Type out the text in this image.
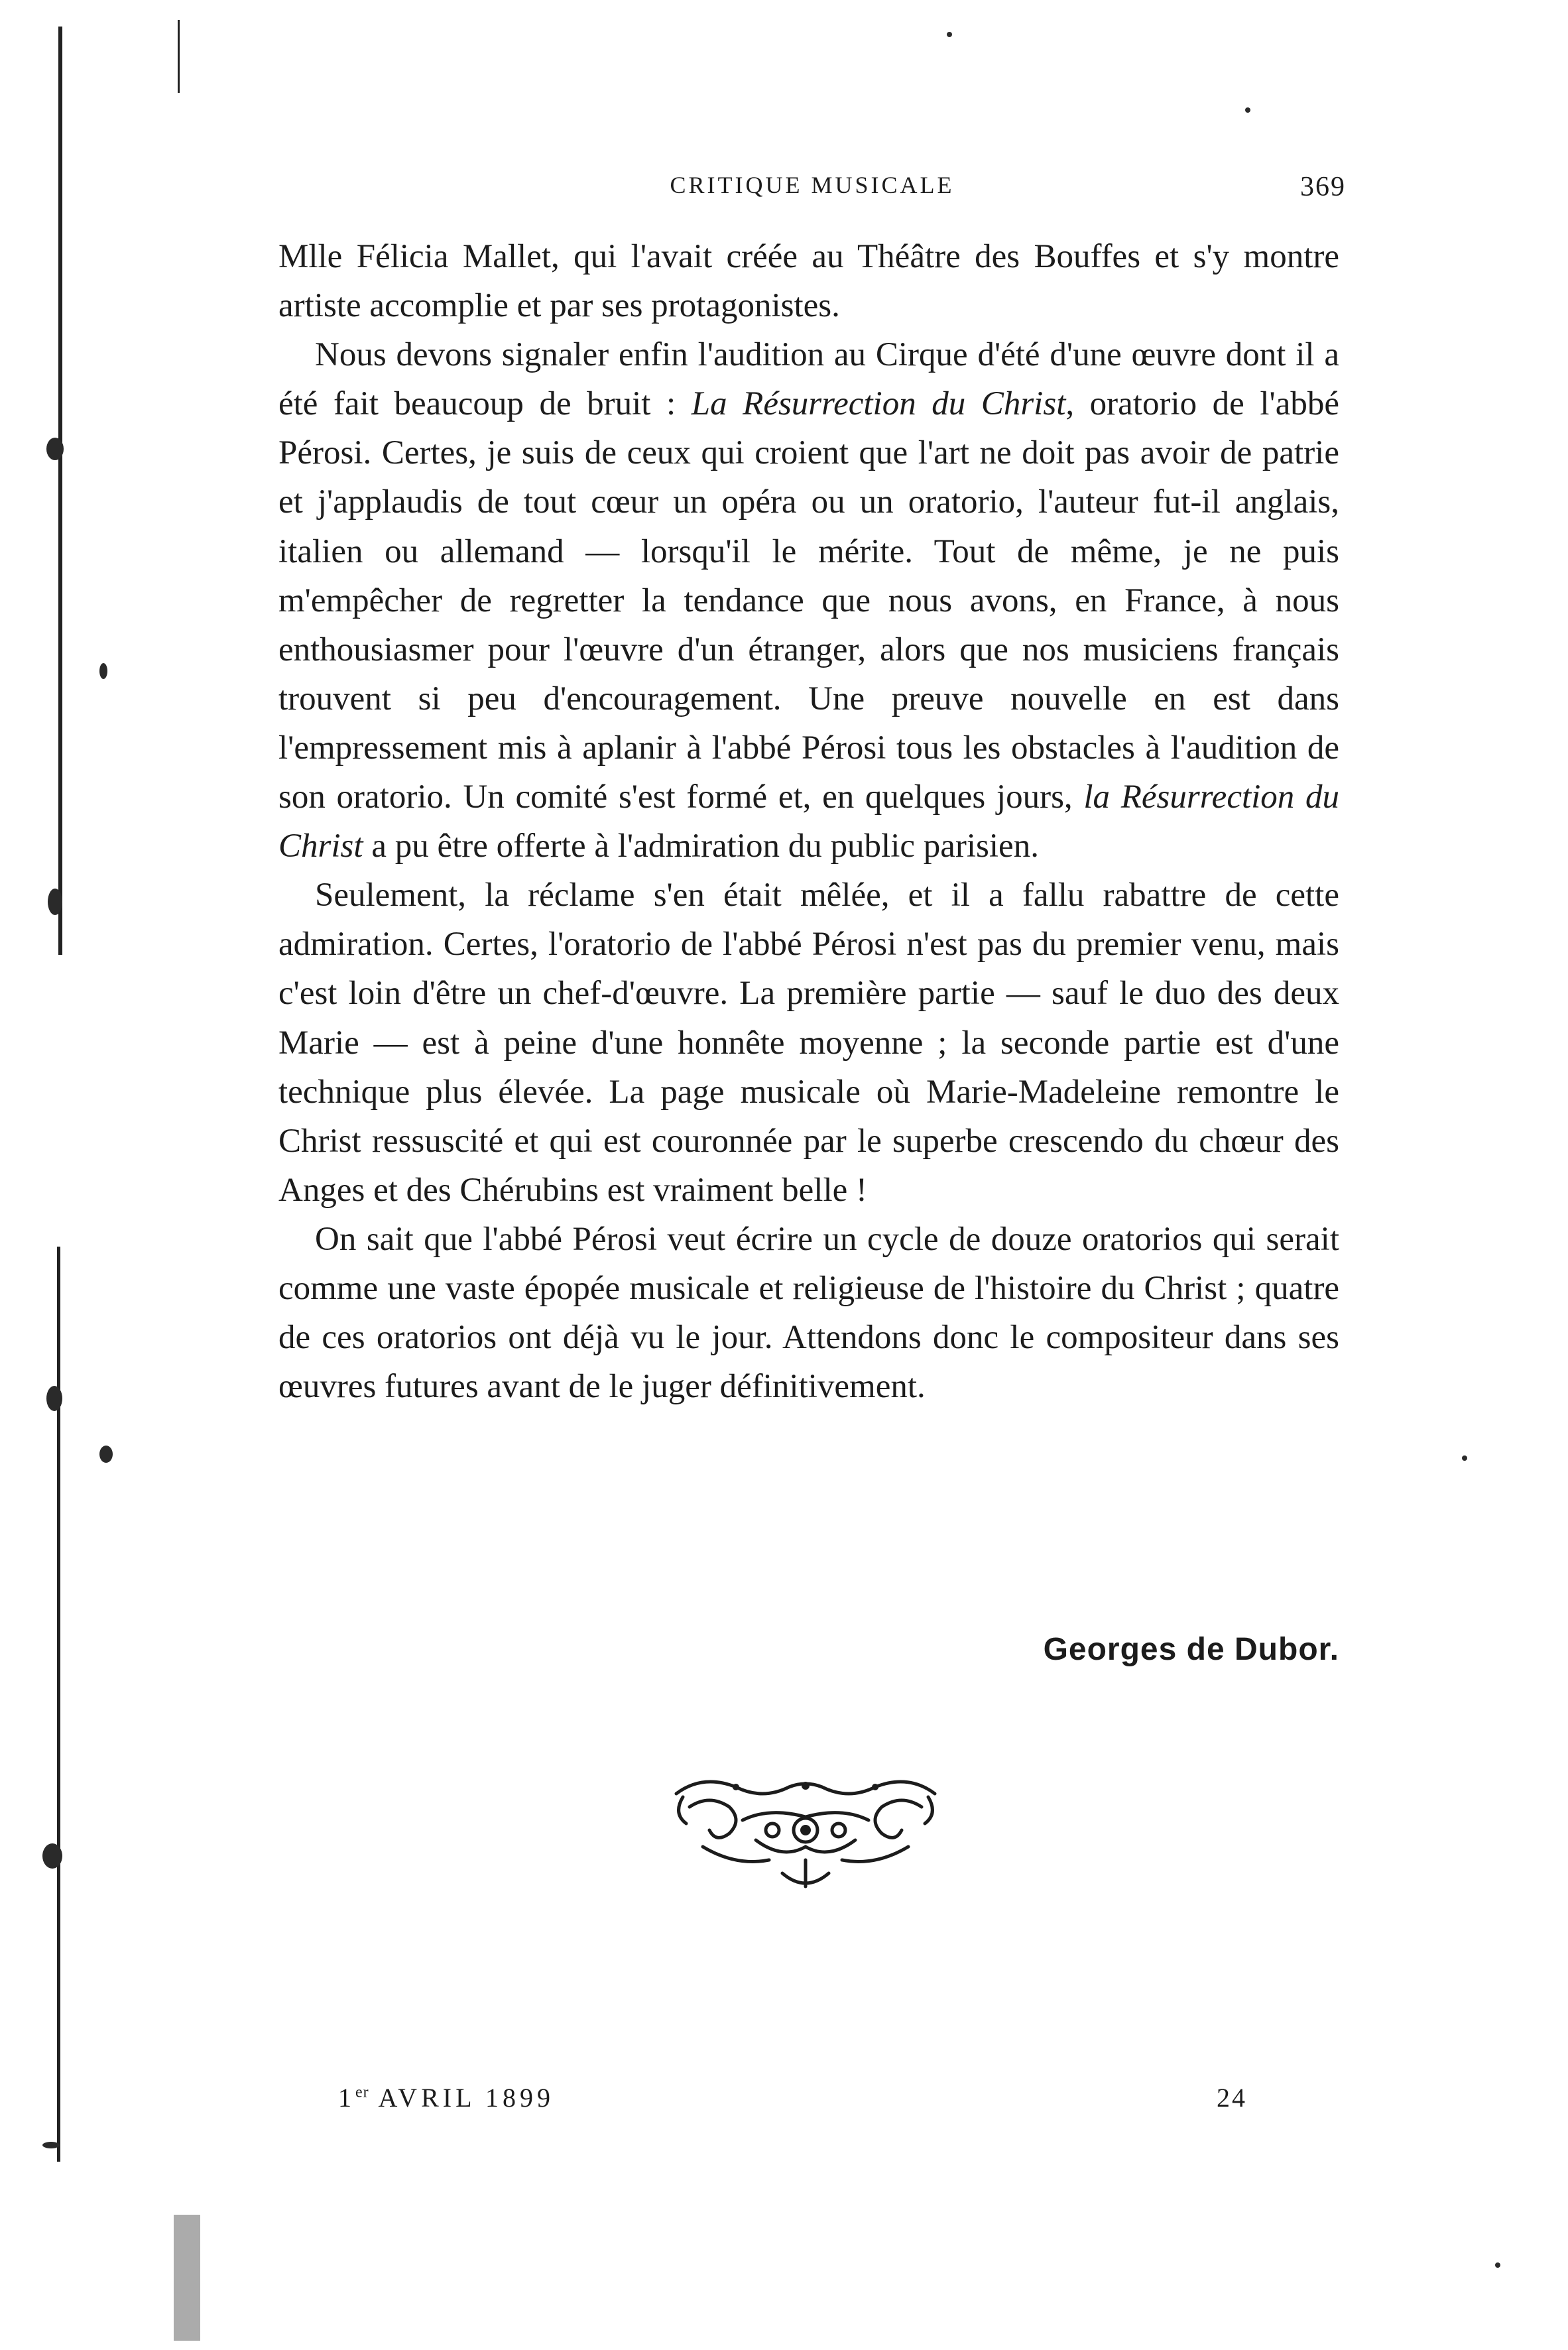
CRITIQUE MUSICALE	369

Mlle Félicia Mallet, qui l'avait créée au Théâtre des Bouffes et s'y montre artiste accomplie et par ses protagonistes.

Nous devons signaler enfin l'audition au Cirque d'été d'une œuvre dont il a été fait beaucoup de bruit : La Résurrection du Christ, oratorio de l'abbé Pérosi. Certes, je suis de ceux qui croient que l'art ne doit pas avoir de patrie et j'applaudis de tout cœur un opéra ou un oratorio, l'auteur fut-il anglais, italien ou allemand — lorsqu'il le mérite. Tout de même, je ne puis m'empêcher de regretter la tendance que nous avons, en France, à nous enthousiasmer pour l'œuvre d'un étranger, alors que nos musiciens français trouvent si peu d'encouragement. Une preuve nouvelle en est dans l'empressement mis à aplanir à l'abbé Pérosi tous les obstacles à l'audition de son oratorio. Un comité s'est formé et, en quelques jours, la Résurrection du Christ a pu être offerte à l'admiration du public parisien.

Seulement, la réclame s'en était mêlée, et il a fallu rabattre de cette admiration. Certes, l'oratorio de l'abbé Pérosi n'est pas du premier venu, mais c'est loin d'être un chef-d'œuvre. La première partie — sauf le duo des deux Marie — est à peine d'une honnête moyenne ; la seconde partie est d'une technique plus élevée. La page musicale où Marie-Madeleine remontre le Christ ressuscité et qui est couronnée par le superbe crescendo du chœur des Anges et des Chérubins est vraiment belle !

On sait que l'abbé Pérosi veut écrire un cycle de douze oratorios qui serait comme une vaste épopée musicale et religieuse de l'histoire du Christ ; quatre de ces oratorios ont déjà vu le jour. Attendons donc le compositeur dans ses œuvres futures avant de le juger définitivement.

Georges de Dubor.
1er AVRIL 1899	24
